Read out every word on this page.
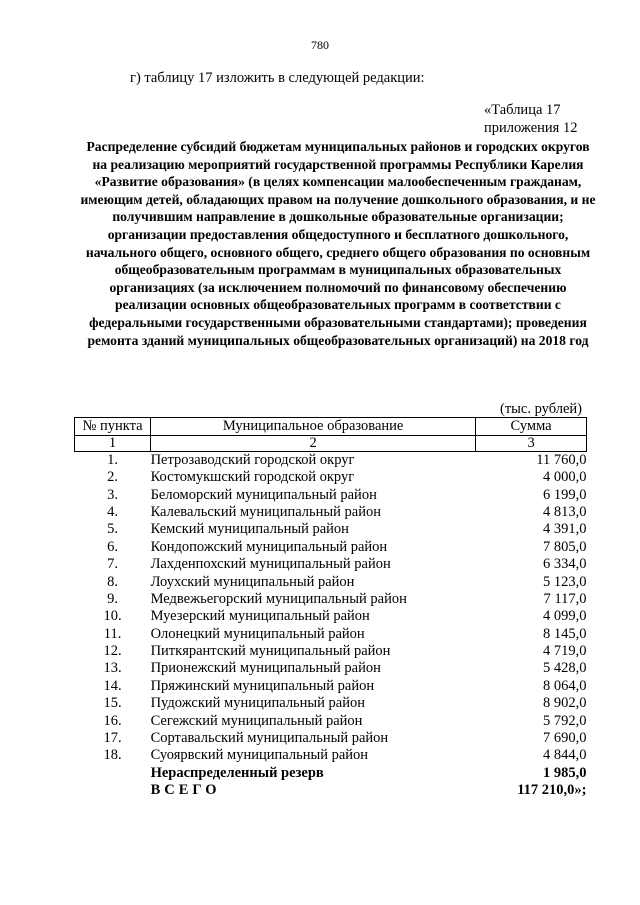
780
г) таблицу 17 изложить в следующей редакции:
«Таблица 17
приложения 12
Распределение субсидий бюджетам муниципальных районов и городских округов на реализацию мероприятий государственной программы Республики Карелия «Развитие образования» (в целях компенсации малообеспеченным гражданам, имеющим детей, обладающих правом на получение дошкольного образования, и не получившим направление в дошкольные образовательные организации; организации предоставления общедоступного и бесплатного дошкольного, начального общего, основного общего, среднего общего образования по основным общеобразовательным программам в муниципальных образовательных организациях (за исключением полномочий по финансовому обеспечению реализации основных общеобразовательных программ в соответствии с федеральными государственными образовательными стандартами); проведения ремонта зданий муниципальных общеобразовательных организаций) на 2018 год
(тыс. рублей)
№ пункта	Муниципальное образование	Сумма
1	2	3
1.	Петрозаводский городской округ	11 760,0
2.	Костомукшский городской округ	4 000,0
3.	Беломорский муниципальный район	6 199,0
4.	Калевальский муниципальный район	4 813,0
5.	Кемский муниципальный район	4 391,0
6.	Кондопожский муниципальный район	7 805,0
7.	Лахденпохский муниципальный район	6 334,0
8.	Лоухский муниципальный район	5 123,0
9.	Медвежьегорский муниципальный район	7 117,0
10.	Муезерский муниципальный район	4 099,0
11.	Олонецкий муниципальный район	8 145,0
12.	Питкярантский муниципальный район	4 719,0
13.	Прионежский муниципальный район	5 428,0
14.	Пряжинский муниципальный район	8 064,0
15.	Пудожский муниципальный район	8 902,0
16.	Сегежский муниципальный район	5 792,0
17.	Сортавальский муниципальный район	7 690,0
18.	Суоярвский муниципальный район	4 844,0
	Нераспределенный резерв	1 985,0
	ВСЕГО	117 210,0»;
